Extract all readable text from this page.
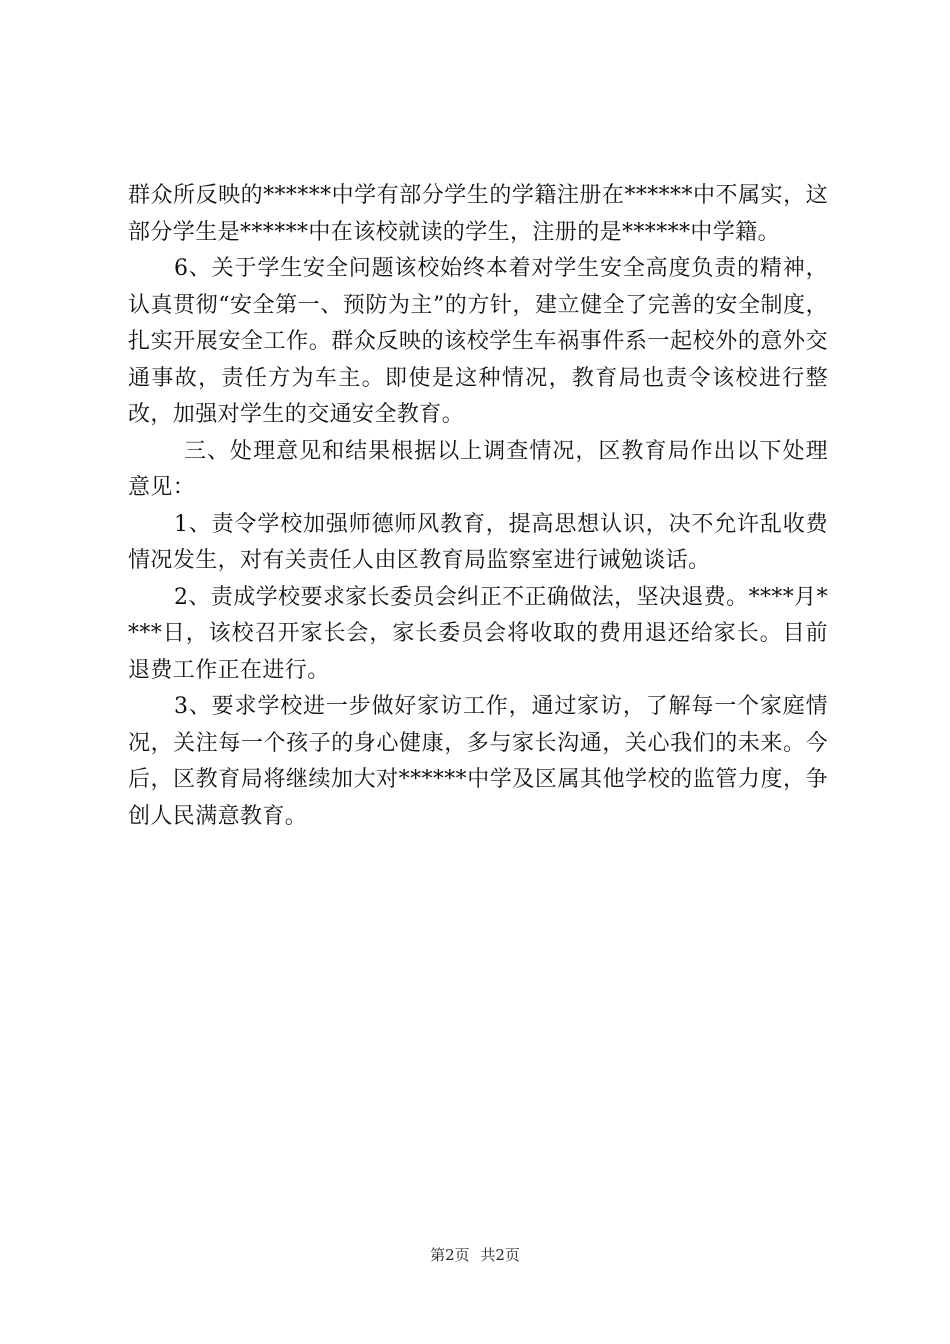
群众所反映的******中学有部分学生的学籍注册在******中不属实，这部分学生是******中在该校就读的学生，注册的是******中学籍。

6、关于学生安全问题该校始终本着对学生安全高度负责的精神，认真贯彻“安全第一、预防为主”的方针，建立健全了完善的安全制度，扎实开展安全工作。群众反映的该校学生车祸事件系一起校外的意外交通事故，责任方为车主。即使是这种情况，教育局也责令该校进行整改，加强对学生的交通安全教育。

三、处理意见和结果根据以上调查情况，区教育局作出以下处理意见：

1、责令学校加强师德师风教育，提高思想认识，决不允许乱收费情况发生，对有关责任人由区教育局监察室进行诫勉谈话。

2、责成学校要求家长委员会纠正不正确做法，坚决退费。****月****日，该校召开家长会，家长委员会将收取的费用退还给家长。目前退费工作正在进行。

3、要求学校进一步做好家访工作，通过家访，了解每一个家庭情况，关注每一个孩子的身心健康，多与家长沟通，关心我们的未来。今后，区教育局将继续加大对******中学及区属其他学校的监管力度，争创人民满意教育。

第2页 共2页
